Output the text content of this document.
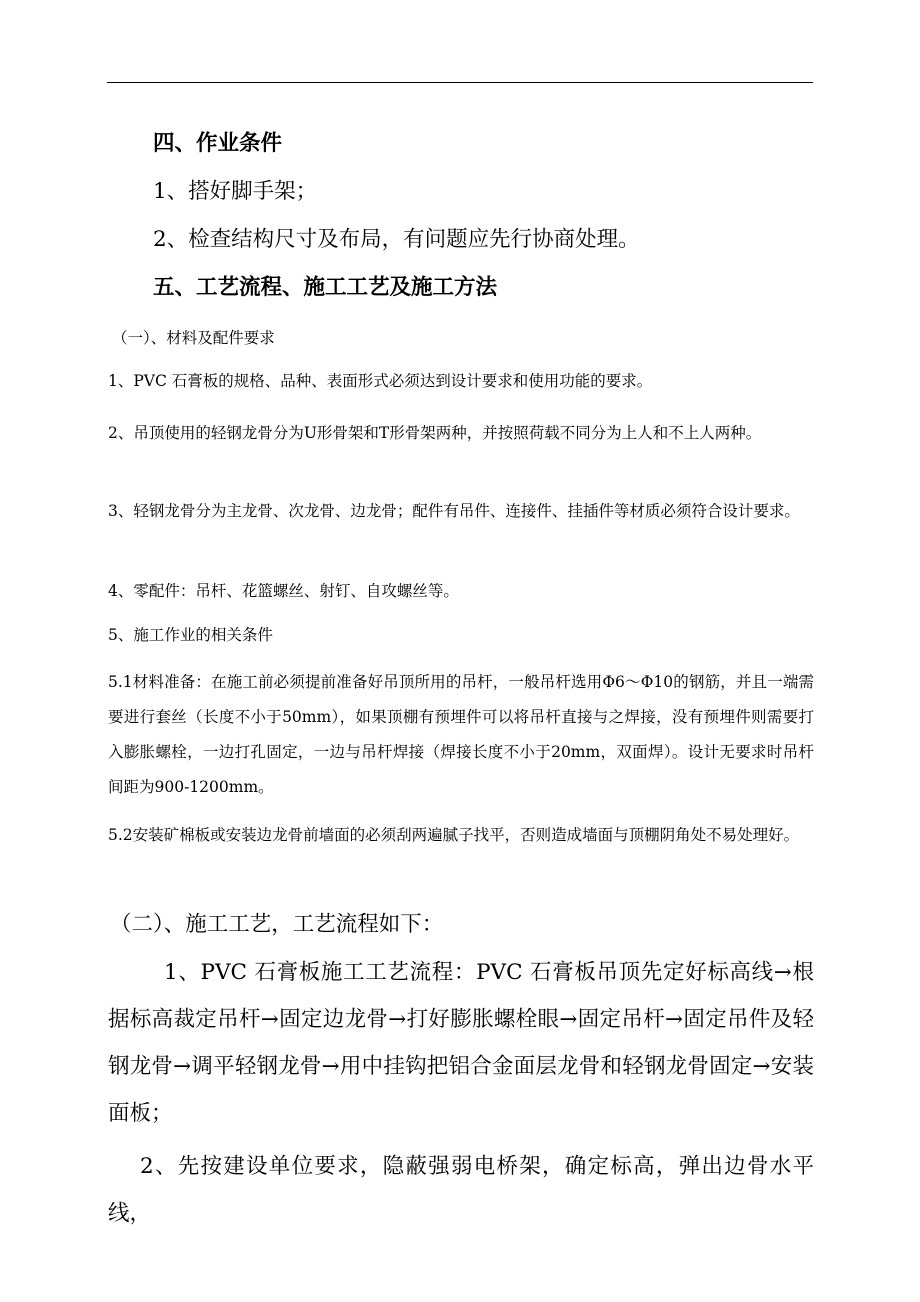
四、作业条件
1、搭好脚手架；
2、检查结构尺寸及布局，有问题应先行协商处理。
五、工艺流程、施工工艺及施工方法
（一）、材料及配件要求
1、PVC 石膏板的规格、品种、表面形式必须达到设计要求和使用功能的要求。
2、吊顶使用的轻钢龙骨分为U形骨架和T形骨架两种，并按照荷载不同分为上人和不上人两种。
3、轻钢龙骨分为主龙骨、次龙骨、边龙骨；配件有吊件、连接件、挂插件等材质必须符合设计要求。
4、零配件：吊杆、花篮螺丝、射钉、自攻螺丝等。
5、施工作业的相关条件
5.1材料准备：在施工前必须提前准备好吊顶所用的吊杆，一般吊杆选用Φ6～Φ10的钢筋，并且一端需要进行套丝（长度不小于50mm），如果顶棚有预埋件可以将吊杆直接与之焊接，没有预埋件则需要打入膨胀螺栓，一边打孔固定，一边与吊杆焊接（焊接长度不小于20mm，双面焊）。设计无要求时吊杆间距为900-1200mm。
5.2安装矿棉板或安装边龙骨前墙面的必须刮两遍腻子找平，否则造成墙面与顶棚阴角处不易处理好。
（二）、施工工艺，工艺流程如下：
1、PVC 石膏板施工工艺流程：PVC 石膏板吊顶先定好标高线→根据标高裁定吊杆→固定边龙骨→打好膨胀螺栓眼→固定吊杆→固定吊件及轻钢龙骨→调平轻钢龙骨→用中挂钩把铝合金面层龙骨和轻钢龙骨固定→安装面板；
2、先按建设单位要求，隐蔽强弱电桥架，确定标高，弹出边骨水平线，
